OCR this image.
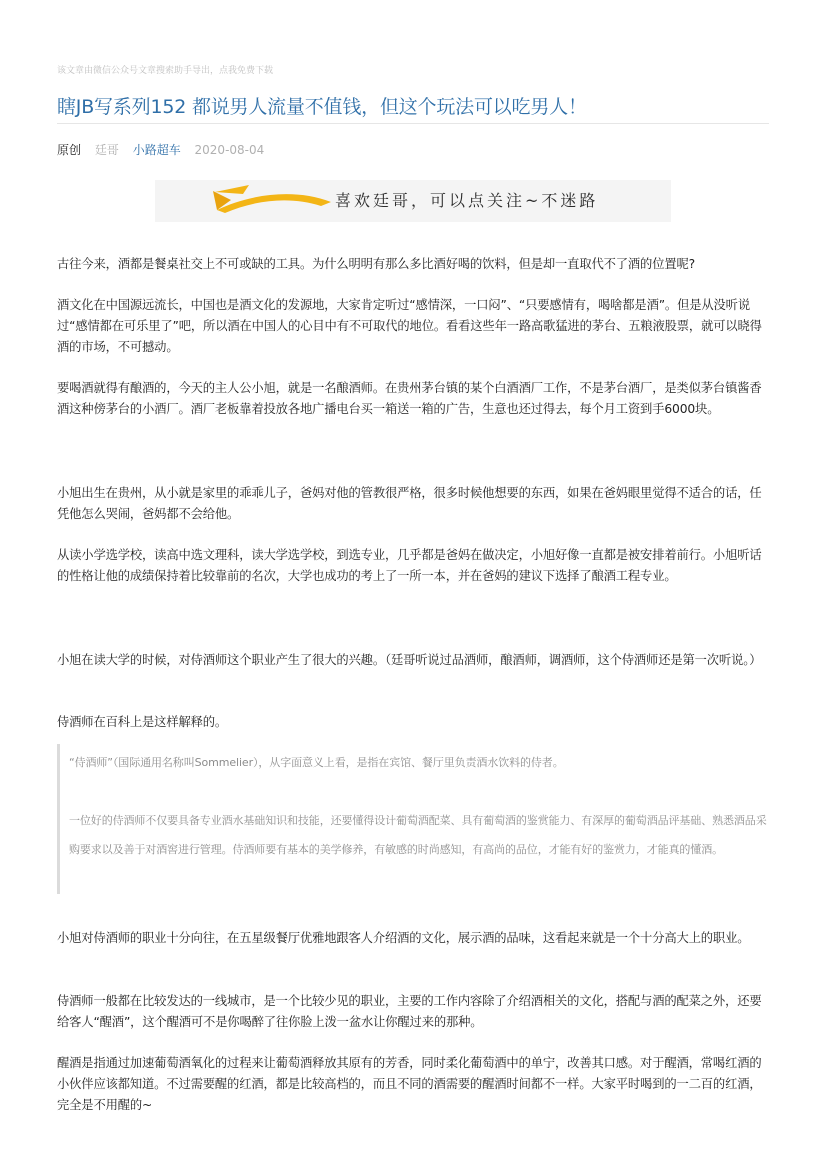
该文章由微信公众号文章搜索助手导出，点我免费下载
瞎JB写系列152 都说男人流量不值钱，但这个玩法可以吃男人！
原创 廷哥 小路超车 2020-08-04
喜欢廷哥，可以点关注~不迷路

古往今来，酒都是餐桌社交上不可或缺的工具。为什么明明有那么多比酒好喝的饮料，但是却一直取代不了酒的位置呢?

酒文化在中国源远流长，中国也是酒文化的发源地，大家肯定听过“感情深，一口闷”、“只要感情有，喝啥都是酒”。但是从没听说过“感情都在可乐里了”吧，所以酒在中国人的心目中有不可取代的地位。看看这些年一路高歌猛进的茅台、五粮液股票，就可以晓得酒的市场，不可撼动。

要喝酒就得有酿酒的，今天的主人公小旭，就是一名酿酒师。在贵州茅台镇的某个白酒酒厂工作，不是茅台酒厂，是类似茅台镇酱香酒这种傍茅台的小酒厂。酒厂老板靠着投放各地广播电台买一箱送一箱的广告，生意也还过得去，每个月工资到手6000块。

小旭出生在贵州，从小就是家里的乖乖儿子，爸妈对他的管教很严格，很多时候他想要的东西，如果在爸妈眼里觉得不适合的话，任凭他怎么哭闹，爸妈都不会给他。

从读小学选学校，读高中选文理科，读大学选学校，到选专业，几乎都是爸妈在做决定，小旭好像一直都是被安排着前行。小旭听话的性格让他的成绩保持着比较靠前的名次，大学也成功的考上了一所一本，并在爸妈的建议下选择了酿酒工程专业。

小旭在读大学的时候，对侍酒师这个职业产生了很大的兴趣。（廷哥听说过品酒师，酿酒师，调酒师，这个侍酒师还是第一次听说。）

侍酒师在百科上是这样解释的。

“侍酒师”（国际通用名称叫Sommelier），从字面意义上看，是指在宾馆、餐厅里负责酒水饮料的侍者。

一位好的侍酒师不仅要具备专业酒水基础知识和技能，还要懂得设计葡萄酒配菜、具有葡萄酒的鉴赏能力、有深厚的葡萄酒品评基础、熟悉酒品采购要求以及善于对酒窖进行管理。侍酒师要有基本的美学修养，有敏感的时尚感知，有高尚的品位，才能有好的鉴赏力，才能真的懂酒。

小旭对侍酒师的职业十分向往，在五星级餐厅优雅地跟客人介绍酒的文化，展示酒的品味，这看起来就是一个十分高大上的职业。

侍酒师一般都在比较发达的一线城市，是一个比较少见的职业，主要的工作内容除了介绍酒相关的文化，搭配与酒的配菜之外，还要给客人“醒酒”，这个醒酒可不是你喝醉了往你脸上泼一盆水让你醒过来的那种。

醒酒是指通过加速葡萄酒氧化的过程来让葡萄酒释放其原有的芳香，同时柔化葡萄酒中的单宁，改善其口感。对于醒酒，常喝红酒的小伙伴应该都知道。不过需要醒的红酒，都是比较高档的，而且不同的酒需要的醒酒时间都不一样。大家平时喝到的一二百的红酒，完全是不用醒的~
